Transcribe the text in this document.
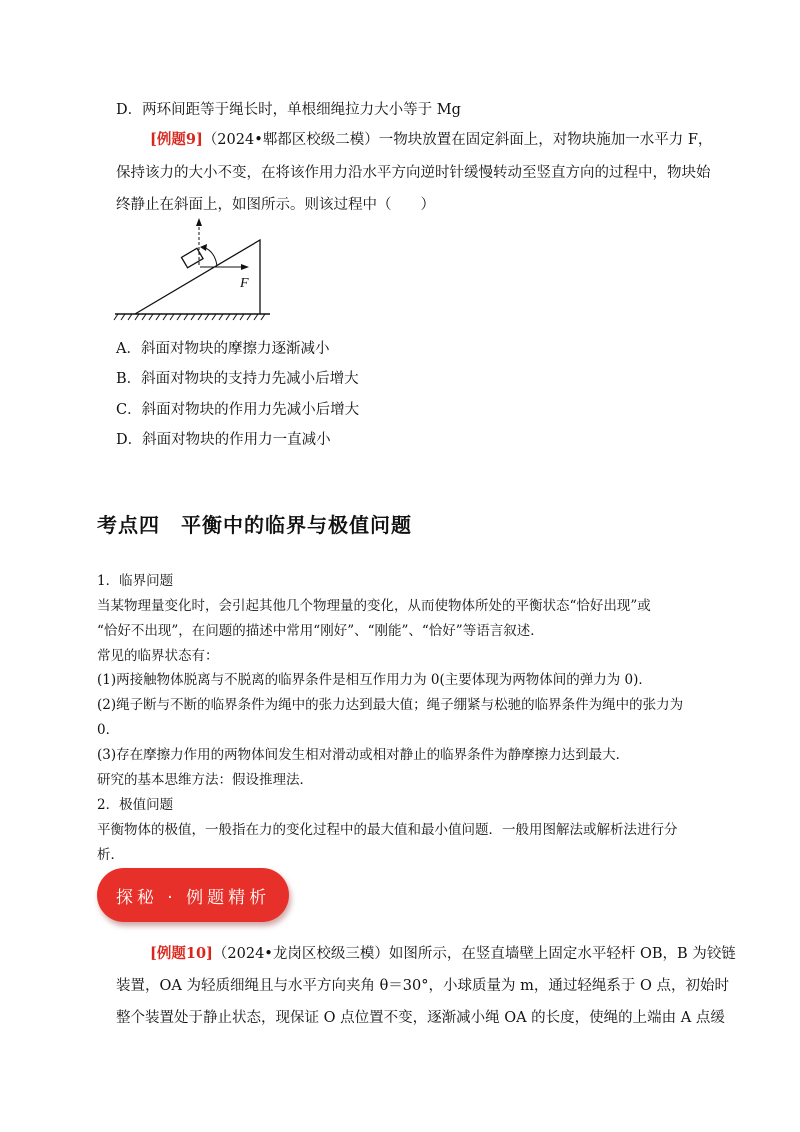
D．两环间距等于绳长时，单根细绳拉力大小等于 Mg
[例题9]（2024•郫都区校级二模）一物块放置在固定斜面上，对物块施加一水平力 F，
保持该力的大小不变，在将该作用力沿水平方向逆时针缓慢转动至竖直方向的过程中，物块始
终静止在斜面上，如图所示。则该过程中（　　）
F
A．斜面对物块的摩擦力逐渐减小
B．斜面对物块的支持力先减小后增大
C．斜面对物块的作用力先减小后增大
D．斜面对物块的作用力一直减小
考点四　平衡中的临界与极值问题
1．临界问题
当某物理量变化时，会引起其他几个物理量的变化，从而使物体所处的平衡状态“恰好出现”或
“恰好不出现”，在问题的描述中常用“刚好”、“刚能”、“恰好”等语言叙述．
常见的临界状态有：
(1)两接触物体脱离与不脱离的临界条件是相互作用力为 0(主要体现为两物体间的弹力为 0)．
(2)绳子断与不断的临界条件为绳中的张力达到最大值；绳子绷紧与松驰的临界条件为绳中的张力为
0．
(3)存在摩擦力作用的两物体间发生相对滑动或相对静止的临界条件为静摩擦力达到最大．
研究的基本思维方法：假设推理法．
2．极值问题
平衡物体的极值，一般指在力的变化过程中的最大值和最小值问题．一般用图解法或解析法进行分
析．
探秘 · 例题精析
[例题10]（2024•龙岗区校级三模）如图所示，在竖直墙壁上固定水平轻杆 OB，B 为铰链
装置，OA 为轻质细绳且与水平方向夹角 θ＝30°，小球质量为 m，通过轻绳系于 O 点，初始时
整个装置处于静止状态，现保证 O 点位置不变，逐渐减小绳 OA 的长度，使绳的上端由 A 点缓
